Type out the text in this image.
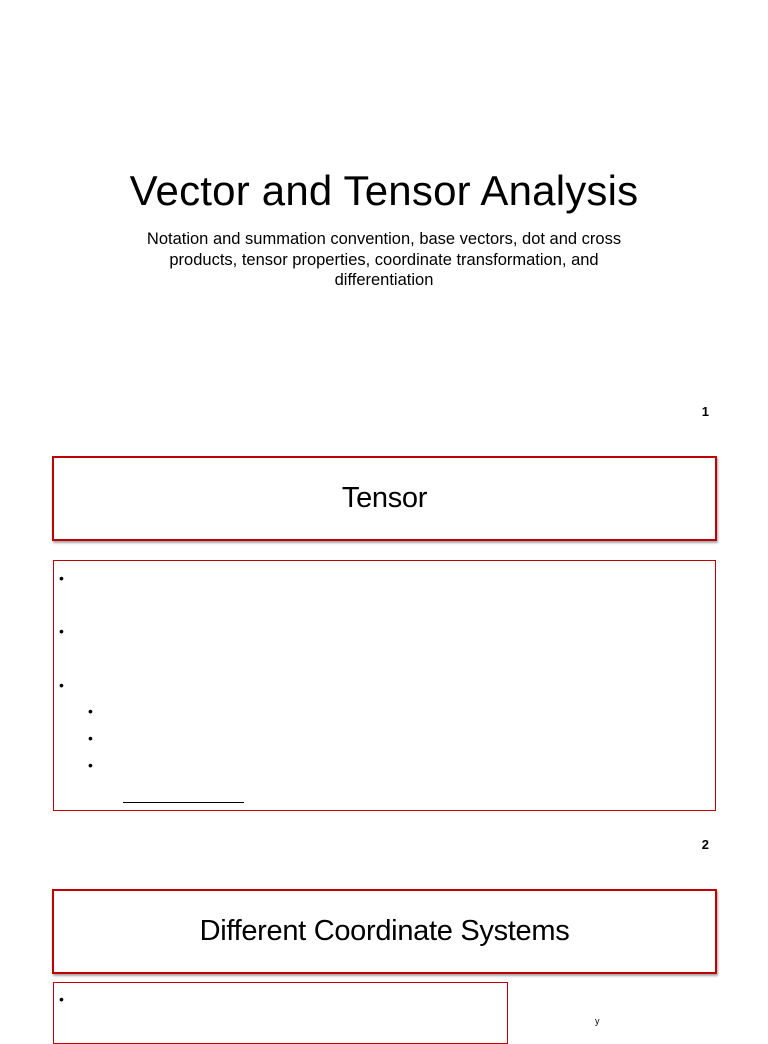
Vector and Tensor Analysis
Notation and summation convention, base vectors, dot and cross products, tensor properties, coordinate transformation, and differentiation
1
Tensor
•
•
•
•
•
•
2
Different Coordinate Systems
•
y
